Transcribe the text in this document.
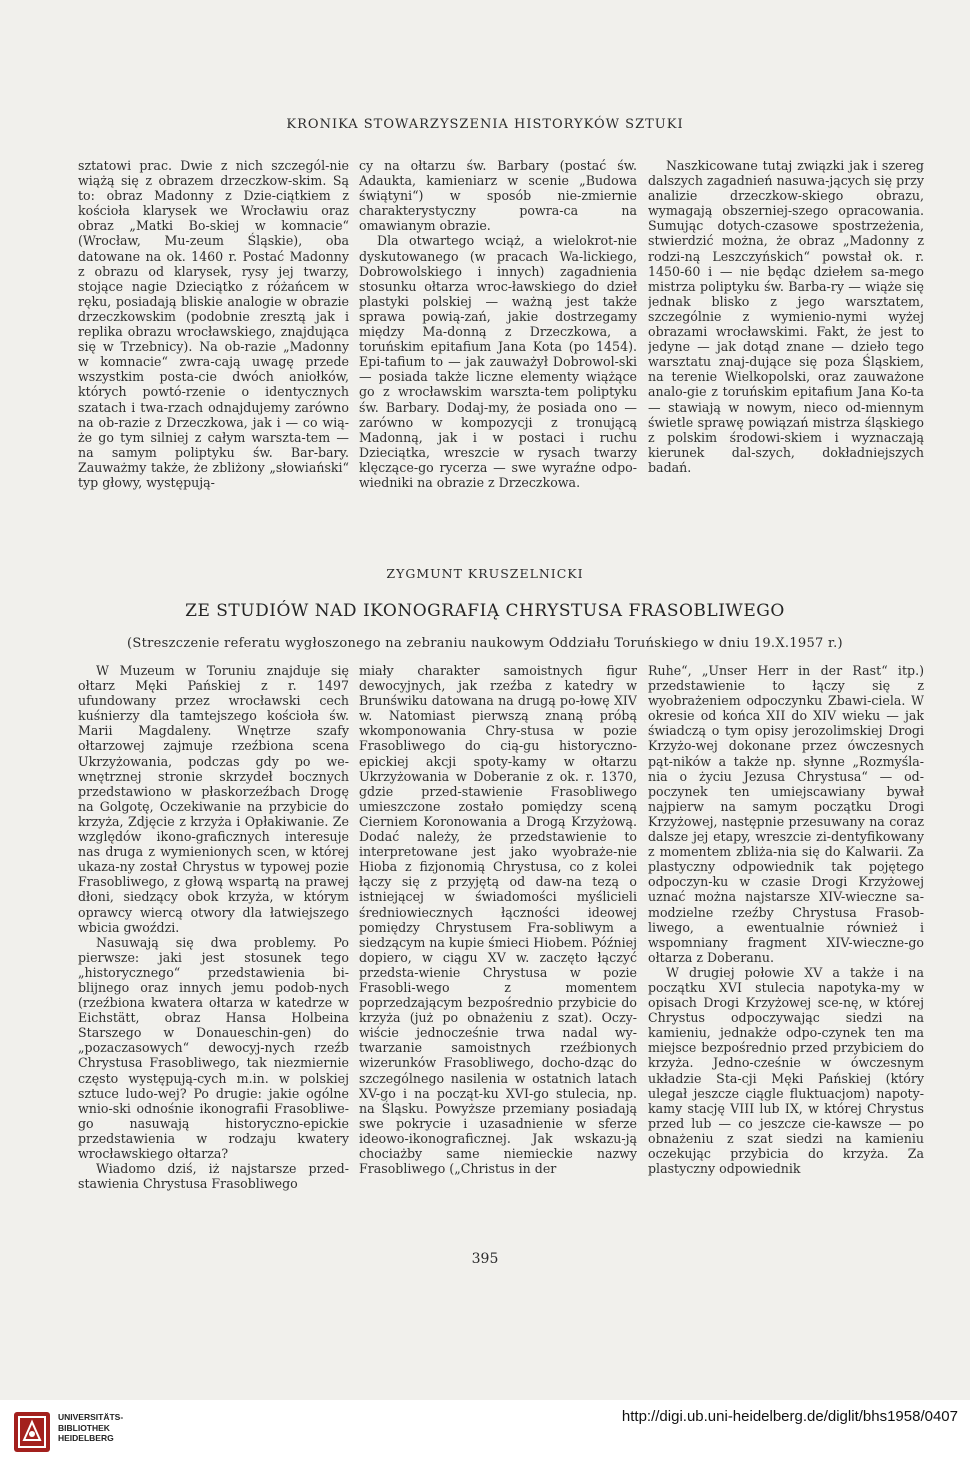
KRONIKA STOWARZYSZENIA HISTORYKÓW SZTUKI

sztatowi prac. Dwie z nich szczegól-nie wiążą się z obrazem drzeczkow-skim. Są to: obraz Madonny z Dzie-ciątkiem z kościoła klarysek we Wrocławiu oraz obraz „Matki Bo-skiej w komnacie“ (Wrocław, Mu-zeum Śląskie), oba datowane na ok. 1460 r. Postać Madonny z obrazu od klarysek, rysy jej twarzy, stojące nagie Dzieciątko z różańcem w ręku, posiadają bliskie analogie w obrazie drzeczkowskim (podobnie zresztą jak i replika obrazu wrocławskiego, znajdująca się w Trzebnicy). Na ob-razie „Madonny w komnacie“ zwra-cają uwagę przede wszystkim posta-cie dwóch aniołków, których powtó-rzenie o identycznych szatach i twa-rzach odnajdujemy zarówno na ob-razie z Drzeczkowa, jak i — co wią-że go tym silniej z całym warszta-tem — na samym poliptyku św. Bar-bary. Zauważmy także, że zbliżony „słowiański“ typ głowy, występują-

cy na ołtarzu św. Barbary (postać św. Adaukta, kamieniarz w scenie „Budowa świątyni“) w sposób nie-zmiernie charakterystyczny powra-ca na omawianym obrazie.

Dla otwartego wciąż, a wielokrot-nie dyskutowanego (w pracach Wa-lickiego, Dobrowolskiego i innych) zagadnienia stosunku ołtarza wroc-ławskiego do dzieł plastyki polskiej — ważną jest także sprawa powią-zań, jakie dostrzegamy między Ma-donną z Drzeczkowa, a toruńskim epitafium Jana Kota (po 1454). Epi-tafium to — jak zauważył Dobrowol-ski — posiada także liczne elementy wiążące go z wrocławskim warszta-tem poliptyku św. Barbary. Dodaj-my, że posiada ono — zarówno w kompozycji z tronującą Madonną, jak i w postaci i ruchu Dzieciątka, wreszcie w rysach twarzy klęczące-go rycerza — swe wyraźne odpo-wiedniki na obrazie z Drzeczkowa.

Naszkicowane tutaj związki jak i szereg dalszych zagadnień nasuwa-jących się przy analizie drzeczkow-skiego obrazu, wymagają obszerniej-szego opracowania. Sumując dotych-czasowe spostrzeżenia, stwierdzić można, że obraz „Madonny z rodzi-ną Leszczyńskich“ powstał ok. r. 1450-60 i — nie będąc dziełem sa-mego mistrza poliptyku św. Barba-ry — wiąże się jednak blisko z jego warsztatem, szczególnie z wymienio-nymi wyżej obrazami wrocławskimi. Fakt, że jest to jedyne — jak dotąd znane — dzieło tego warsztatu znaj-dujące się poza Śląskiem, na terenie Wielkopolski, oraz zauważone analo-gie z toruńskim epitafium Jana Ko-ta — stawiają w nowym, nieco od-miennym świetle sprawę powiązań mistrza śląskiego z polskim środowi-skiem i wyznaczają kierunek dal-szych, dokładniejszych badań.

ZYGMUNT KRUSZELNICKI
ZE STUDIÓW NAD IKONOGRAFIĄ CHRYSTUSA FRASOBLIWEGO
(Streszczenie referatu wygłoszonego na zebraniu naukowym Oddziału Toruńskiego w dniu 19.X.1957 r.)

W Muzeum w Toruniu znajduje się ołtarz Męki Pańskiej z r. 1497 ufundowany przez wrocławski cech kuśnierzy dla tamtejszego kościoła św. Marii Magdaleny. Wnętrze szafy ołtarzowej zajmuje rzeźbiona scena Ukrzyżowania, podczas gdy po we-wnętrznej stronie skrzydeł bocznych przedstawiono w płaskorzeźbach Drogę na Golgotę, Oczekiwanie na przybicie do krzyża, Zdjęcie z krzyża i Opłakiwanie. Ze względów ikono-graficznych interesuje nas druga z wymienionych scen, w której ukaza-ny został Chrystus w typowej pozie Frasobliwego, z głową wspartą na prawej dłoni, siedzący obok krzyża, w którym oprawcy wiercą otwory dla łatwiejszego wbicia gwoździ.

Nasuwają się dwa problemy. Po pierwsze: jaki jest stosunek tego „historycznego“ przedstawienia bi-blijnego oraz innych jemu podob-nych (rzeźbiona kwatera ołtarza w katedrze w Eichstätt, obraz Hansa Holbeina Starszego w Donaueschin-gen) do „pozaczasowych“ dewocyj-nych rzeźb Chrystusa Frasobliwego, tak niezmiernie często występują-cych m.in. w polskiej sztuce ludo-wej? Po drugie: jakie ogólne wnio-ski odnośnie ikonografii Frasobliwe-go nasuwają historyczno-epickie przedstawienia w rodzaju kwatery wrocławskiego ołtarza?

Wiadomo dziś, iż najstarsze przed-stawienia Chrystusa Frasobliwego

miały charakter samoistnych figur dewocyjnych, jak rzeźba z katedry w Brunświku datowana na drugą po-łowę XIV w. Natomiast pierwszą znaną próbą wkomponowania Chry-stusa w pozie Frasobliwego do cią-gu historyczno-epickiej akcji spoty-kamy w ołtarzu Ukrzyżowania w Doberanie z ok. r. 1370, gdzie przed-stawienie Frasobliwego umieszczone zostało pomiędzy sceną Cierniem Koronowania a Drogą Krzyżową. Dodać należy, że przedstawienie to interpretowane jest jako wyobraże-nie Hioba z fizjonomią Chrystusa, co z kolei łączy się z przyjętą od daw-na tezą o istniejącej w świadomości myślicieli średniowiecznych łączności ideowej pomiędzy Chrystusem Fra-sobliwym a siedzącym na kupie śmieci Hiobem. Później dopiero, w ciągu XV w. zaczęto łączyć przedsta-wienie Chrystusa w pozie Frasobli-wego z momentem poprzedzającym bezpośrednio przybicie do krzyża (już po obnażeniu z szat). Oczy-wiście jednocześnie trwa nadal wy-twarzanie samoistnych rzeźbionych wizerunków Frasobliwego, docho-dząc do szczególnego nasilenia w ostatnich latach XV-go i na począt-ku XVI-go stulecia, np. na Śląsku. Powyższe przemiany posiadają swe pokrycie i uzasadnienie w sferze ideowo-ikonograficznej. Jak wskazu-ją chociażby same niemieckie nazwy Frasobliwego („Christus in der

Ruhe“, „Unser Herr in der Rast“ itp.) przedstawienie to łączy się z wyobrażeniem odpoczynku Zbawi-ciela. W okresie od końca XII do XIV wieku — jak świadczą o tym opisy jerozolimskiej Drogi Krzyżo-wej dokonane przez ówczesnych pąt-ników a także np. słynne „Rozmyśla-nia o życiu Jezusa Chrystusa“ — od-poczynek ten umiejscawiany bywał najpierw na samym początku Drogi Krzyżowej, następnie przesuwany na coraz dalsze jej etapy, wreszcie zi-dentyfikowany z momentem zbliża-nia się do Kalwarii. Za plastyczny odpowiednik tak pojętego odpoczyn-ku w czasie Drogi Krzyżowej uznać można najstarsze XIV-wieczne sa-modzielne rzeźby Chrystusa Frasob-liwego, a ewentualnie również i wspomniany fragment XIV-wieczne-go ołtarza z Doberanu.

W drugiej połowie XV a także i na początku XVI stulecia napotyka-my w opisach Drogi Krzyżowej sce-nę, w której Chrystus odpoczywając siedzi na kamieniu, jednakże odpo-czynek ten ma miejsce bezpośrednio przed przybiciem do krzyża. Jedno-cześnie w ówczesnym układzie Sta-cji Męki Pańskiej (który ulegał jeszcze ciągle fluktuacjom) napoty-kamy stację VIII lub IX, w której Chrystus przed lub — co jeszcze cie-kawsze — po obnażeniu z szat siedzi na kamieniu oczekując przybicia do krzyża. Za plastyczny odpowiednik

395
UNIVERSITÄTS-
BIBLIOTHEK
HEIDELBERG
http://digi.ub.uni-heidelberg.de/diglit/bhs1958/0407
